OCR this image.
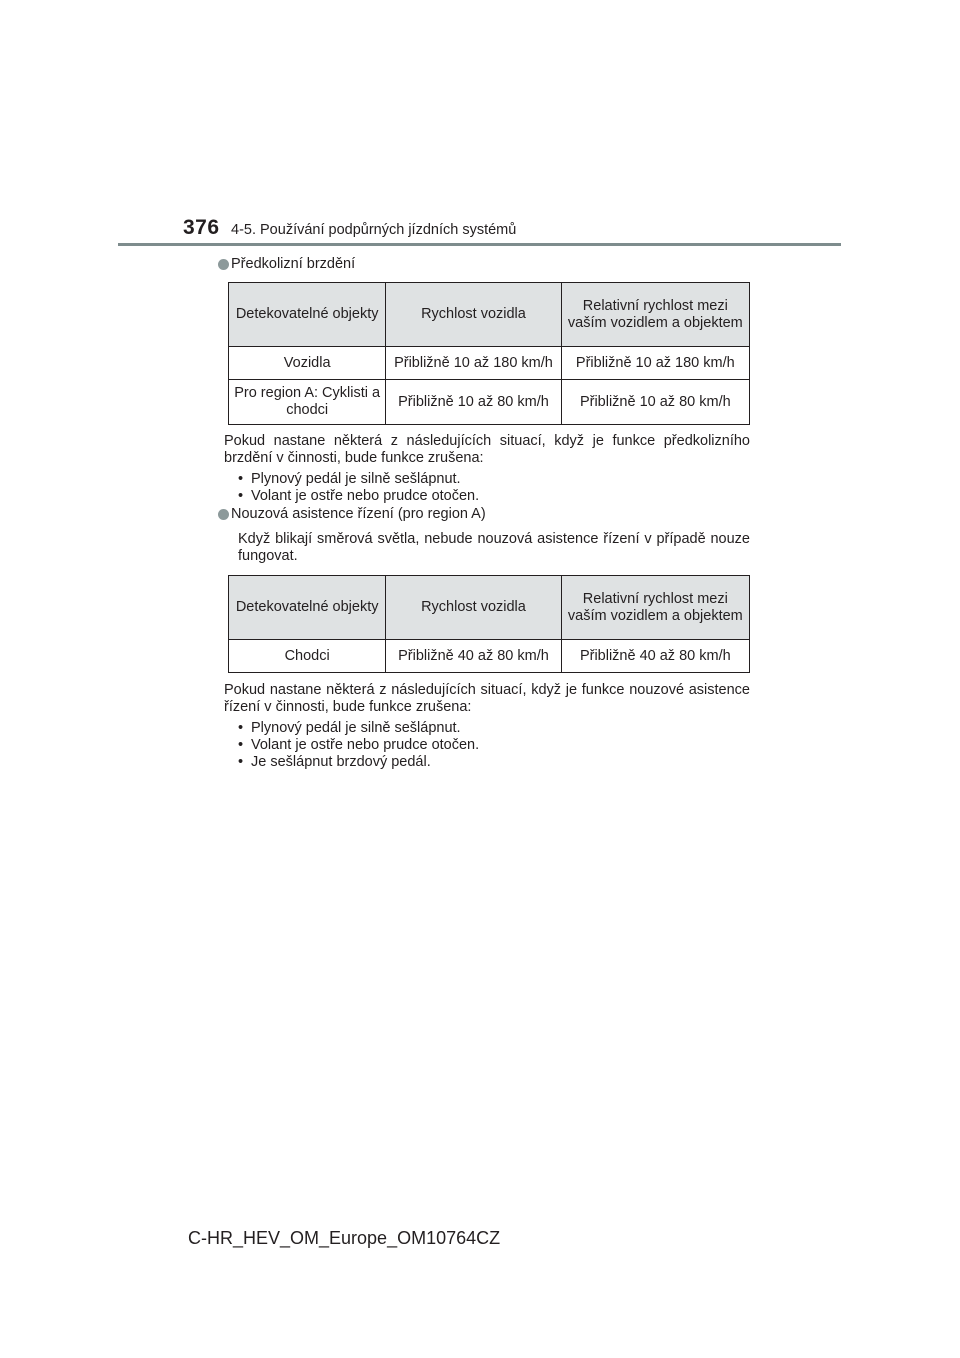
376 4-5. Používání podpůrných jízdních systémů

Předkolizní brzdění

Detekovatelné objekty	Rychlost vozidla	Relativní rychlost mezi vaším vozidlem a objektem
Vozidla	Přibližně 10 až 180 km/h	Přibližně 10 až 180 km/h
Pro region A: Cyklisti a chodci	Přibližně 10 až 80 km/h	Přibližně 10 až 80 km/h

Pokud nastane některá z následujících situací, když je funkce předkolizního brzdění v činnosti, bude funkce zrušena:

• Plynový pedál je silně sešlápnut.
• Volant je ostře nebo prudce otočen.

Nouzová asistence řízení (pro region A)

Když blikají směrová světla, nebude nouzová asistence řízení v případě nouze fungovat.

Detekovatelné objekty	Rychlost vozidla	Relativní rychlost mezi vaším vozidlem a objektem
Chodci	Přibližně 40 až 80 km/h	Přibližně 40 až 80 km/h

Pokud nastane některá z následujících situací, když je funkce nouzové asistence řízení v činnosti, bude funkce zrušena:

• Plynový pedál je silně sešlápnut.
• Volant je ostře nebo prudce otočen.
• Je sešlápnut brzdový pedál.
C-HR_HEV_OM_Europe_OM10764CZ
